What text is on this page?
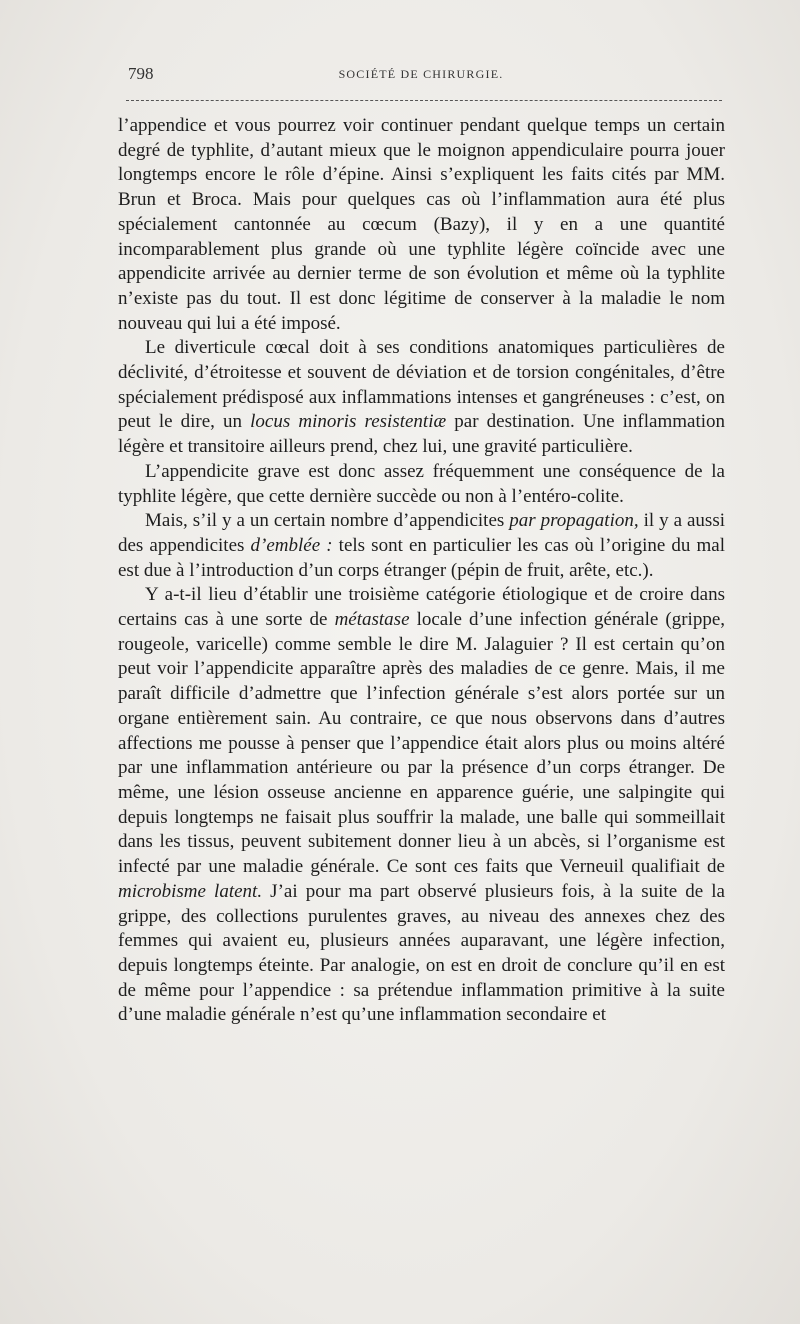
798	SOCIÉTÉ DE CHIRURGIE.

l’appendice et vous pourrez voir continuer pendant quelque temps un certain degré de typhlite, d’autant mieux que le moignon appendiculaire pourra jouer longtemps encore le rôle d’épine. Ainsi s’expliquent les faits cités par MM. Brun et Broca. Mais pour quelques cas où l’inflammation aura été plus spécialement cantonnée au cœcum (Bazy), il y en a une quantité incomparablement plus grande où une typhlite légère coïncide avec une appendicite arrivée au dernier terme de son évolution et même où la typhlite n’existe pas du tout. Il est donc légitime de conserver à la maladie le nom nouveau qui lui a été imposé.

Le diverticule cœcal doit à ses conditions anatomiques particulières de déclivité, d’étroitesse et souvent de déviation et de torsion congénitales, d’être spécialement prédisposé aux inflammations intenses et gangréneuses : c’est, on peut le dire, un locus minoris resistentiæ par destination. Une inflammation légère et transitoire ailleurs prend, chez lui, une gravité particulière.

L’appendicite grave est donc assez fréquemment une conséquence de la typhlite légère, que cette dernière succède ou non à l’entéro-colite.

Mais, s’il y a un certain nombre d’appendicites par propagation, il y a aussi des appendicites d’emblée : tels sont en particulier les cas où l’origine du mal est due à l’introduction d’un corps étranger (pépin de fruit, arête, etc.).

Y a-t-il lieu d’établir une troisième catégorie étiologique et de croire dans certains cas à une sorte de métastase locale d’une infection générale (grippe, rougeole, varicelle) comme semble le dire M. Jalaguier ? Il est certain qu’on peut voir l’appendicite apparaître après des maladies de ce genre. Mais, il me paraît difficile d’admettre que l’infection générale s’est alors portée sur un organe entièrement sain. Au contraire, ce que nous observons dans d’autres affections me pousse à penser que l’appendice était alors plus ou moins altéré par une inflammation antérieure ou par la présence d’un corps étranger. De même, une lésion osseuse ancienne en apparence guérie, une salpingite qui depuis longtemps ne faisait plus souffrir la malade, une balle qui sommeillait dans les tissus, peuvent subitement donner lieu à un abcès, si l’organisme est infecté par une maladie générale. Ce sont ces faits que Verneuil qualifiait de microbisme latent. J’ai pour ma part observé plusieurs fois, à la suite de la grippe, des collections purulentes graves, au niveau des annexes chez des femmes qui avaient eu, plusieurs années auparavant, une légère infection, depuis longtemps éteinte. Par analogie, on est en droit de conclure qu’il en est de même pour l’appendice : sa prétendue inflammation primitive à la suite d’une maladie générale n’est qu’une inflammation secondaire et
